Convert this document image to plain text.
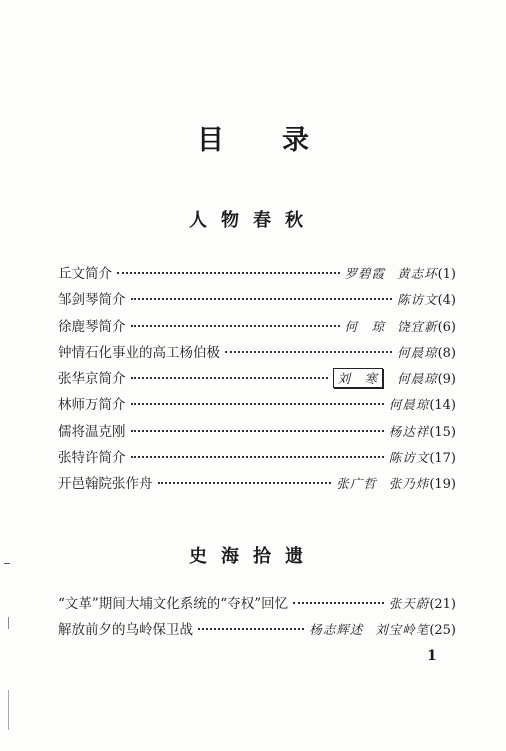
目 录
人物春秋
丘文简介	罗碧霞 黄志环 (1)
邹剑琴简介	陈访文 (4)
徐鹿琴简介	何　琼 饶宜新 (6)
钟情石化事业的高工杨伯极	何晨琼 (8)
张华京简介	刘　寒	何晨琼 (9)
林师万简介	何晨琼 (14)
儒将温克刚	杨达祥 (15)
张特许简介	陈访文 (17)
开邑翰院张作舟	张广哲 张乃炜 (19)
史海拾遗
“文革”期间大埔文化系统的“夺权”回忆	张天蔚 (21)
解放前夕的乌岭保卫战	杨志辉述 刘宝岭笔 (25)
1
